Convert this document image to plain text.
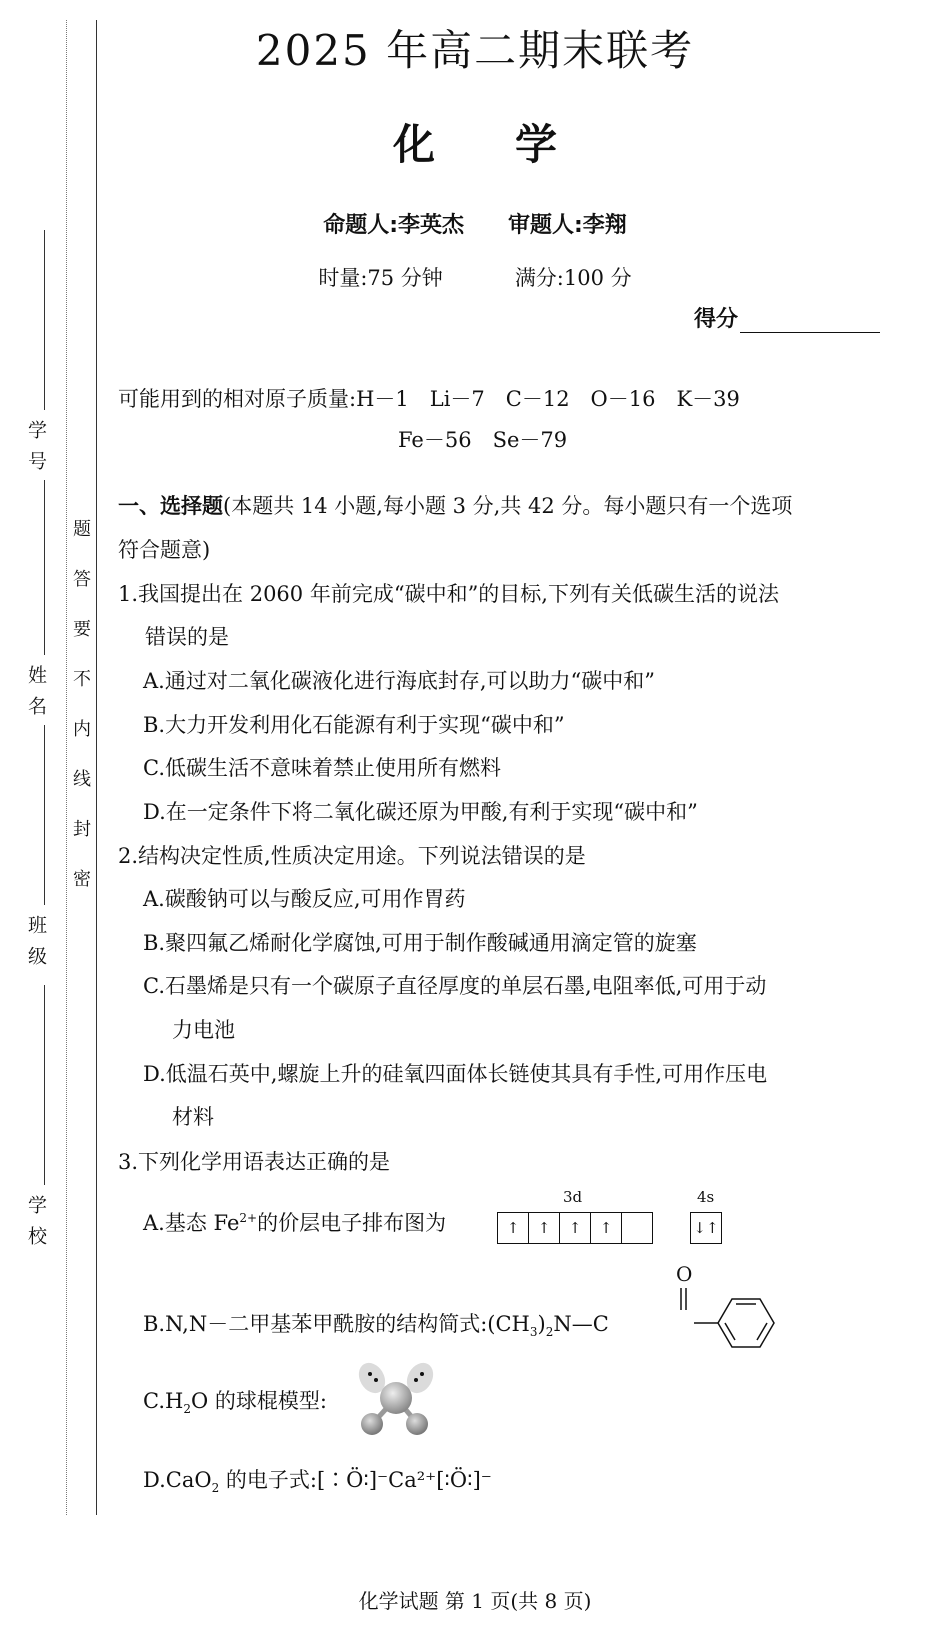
学号
姓名
班级
学校
题
答
要
不
内
线
封
密
2025 年高二期末联考
化 学
命题人:李英杰 审题人:李翔
时量:75 分钟	满分:100 分
得分
可能用到的相对原子质量:H－1　Li－7　C－12　O－16　K－39
Fe－56　Se－79
一、选择题(本题共 14 小题,每小题 3 分,共 42 分。每小题只有一个选项
符合题意)
1.我国提出在 2060 年前完成“碳中和”的目标,下列有关低碳生活的说法
错误的是
A.通过对二氧化碳液化进行海底封存,可以助力“碳中和”
B.大力开发利用化石能源有利于实现“碳中和”
C.低碳生活不意味着禁止使用所有燃料
D.在一定条件下将二氧化碳还原为甲酸,有利于实现“碳中和”
2.结构决定性质,性质决定用途。下列说法错误的是
A.碳酸钠可以与酸反应,可用作胃药
B.聚四氟乙烯耐化学腐蚀,可用于制作酸碱通用滴定管的旋塞
C.石墨烯是只有一个碳原子直径厚度的单层石墨,电阻率低,可用于动
力电池
D.低温石英中,螺旋上升的硅氧四面体长链使其具有手性,可用作压电
材料
3.下列化学用语表达正确的是
A.基态 $Fe^{2+}$的价层电子排布图为
3d	4s
↑	↑	↑	↑	↓↑
B.N,N－二甲基苯甲酰胺的结构简式$:(CH_3)_2N—C$
O
$C.H_2O$ 的球棍模型:
D.CaO$_2$ 的电子式:[∶Ö∶]⁻Ca²⁺[∶Ö∶]⁻
化学试题 第 1 页(共 8 页)
